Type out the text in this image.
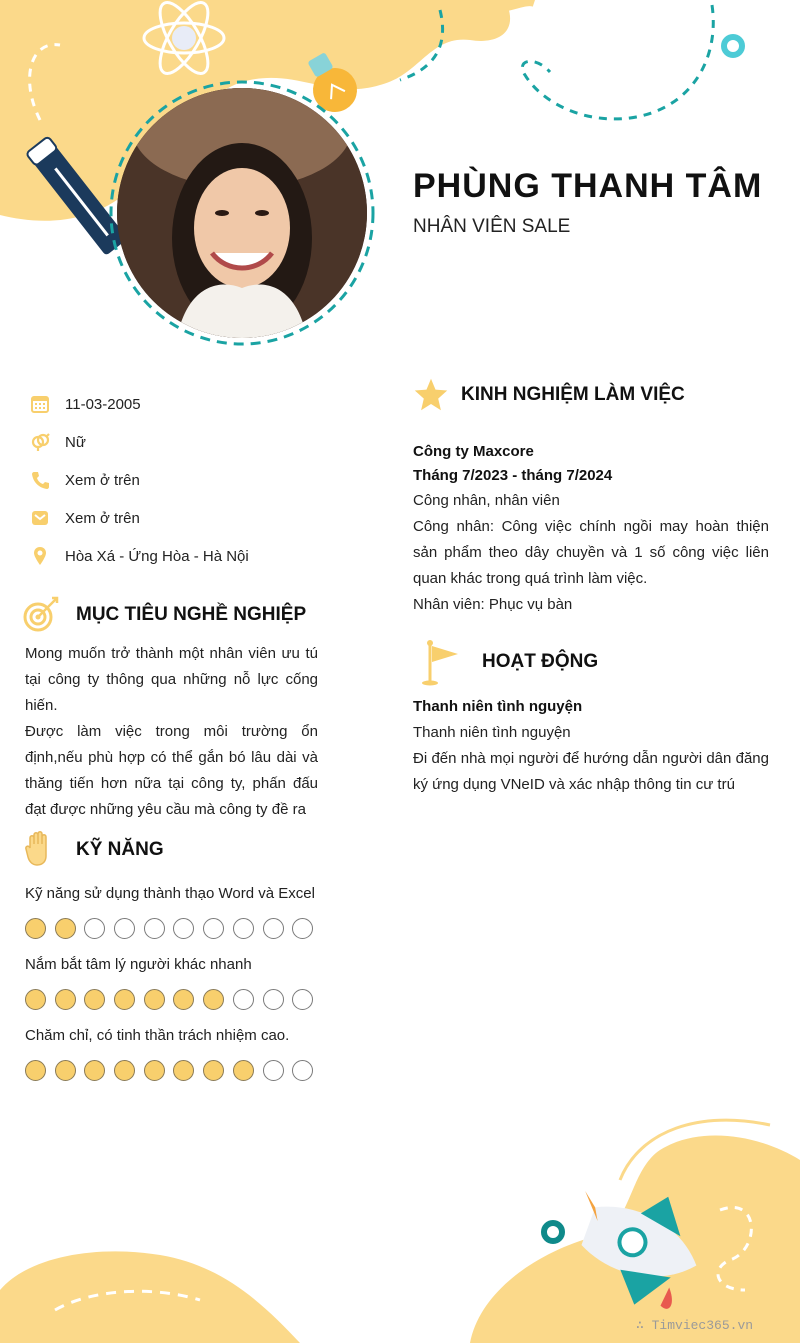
PHÙNG THANH TÂM
NHÂN VIÊN SALE
11-03-2005
Nữ
Xem ở trên
Xem ở trên
Hòa Xá - Ứng Hòa - Hà Nội
MỤC TIÊU NGHỀ NGHIỆP

Mong muốn trở thành một nhân viên ưu tú tại công ty thông qua những nỗ lực cống hiến.

Được làm việc trong môi trường ổn định,nếu phù hợp có thể gắn bó lâu dài và thăng tiến hơn nữa tại công ty, phấn đấu đạt được những yêu cầu mà công ty đề ra

KỸ NĂNG
Kỹ năng sử dụng thành thạo Word và Excel
Nắm bắt tâm lý người khác nhanh
Chăm chỉ, có tinh thần trách nhiệm cao.
KINH NGHIỆM LÀM VIỆC
Công ty Maxcore
Tháng 7/2023 - tháng 7/2024
Công nhân, nhân viên
Công nhân: Công việc chính ngồi may hoàn thiện sản phẩm theo dây chuyền và 1 số công việc liên quan khác trong quá trình làm việc.
Nhân viên: Phục vụ bàn
HOẠT ĐỘNG
Thanh niên tình nguyện
Thanh niên tình nguyện
Đi đến nhà mọi người để hướng dẫn người dân đăng ký ứng dụng VNeID và xác nhập thông tin cư trú
∴ Timviec365.vn
